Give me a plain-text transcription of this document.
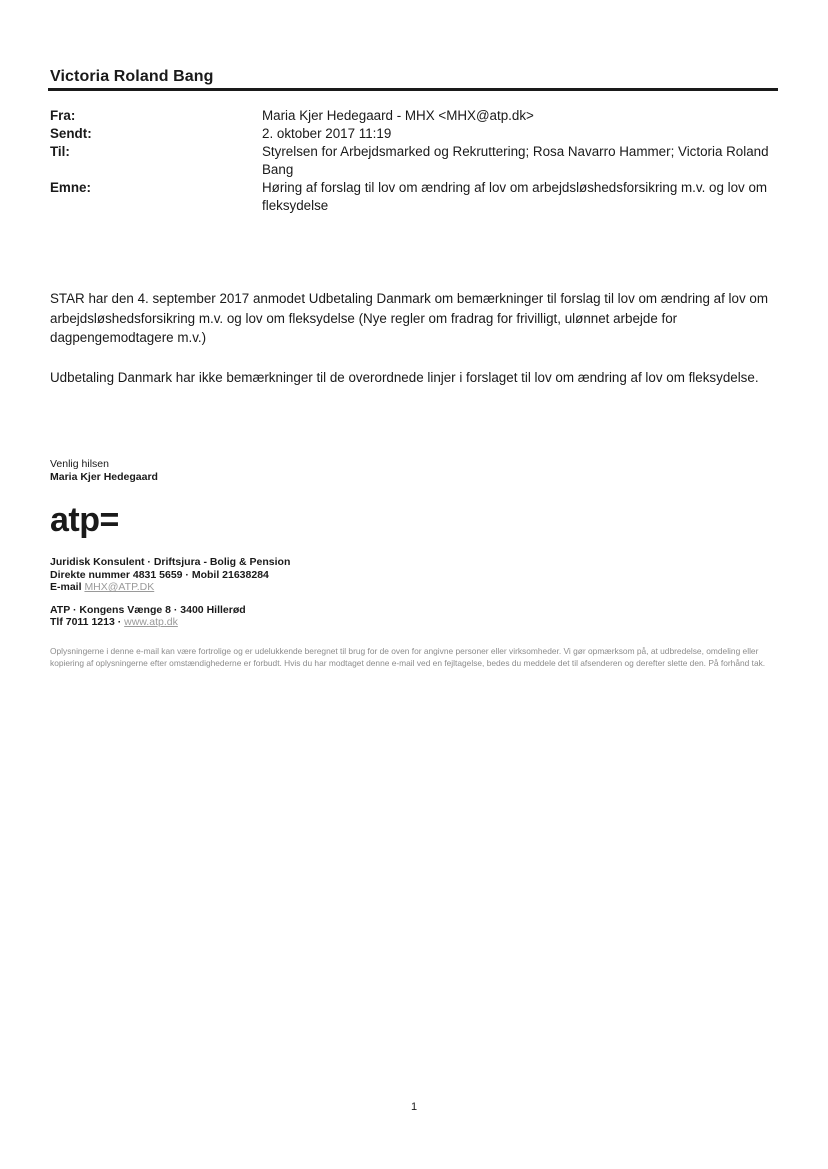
Victoria Roland Bang
Fra:	Maria Kjer Hedegaard - MHX <MHX@atp.dk>
Sendt:	2. oktober 2017 11:19
Til:	Styrelsen for Arbejdsmarked og Rekruttering; Rosa Navarro Hammer; Victoria Roland Bang
Emne:	Høring af forslag til lov om ændring af lov om arbejdsløshedsforsikring m.v. og lov om fleksydelse

STAR har den 4. september 2017 anmodet Udbetaling Danmark om bemærkninger til forslag til lov om ændring af lov om arbejdsløshedsforsikring m.v. og lov om fleksydelse (Nye regler om fradrag for frivilligt, ulønnet arbejde for dagpengemodtagere m.v.)

Udbetaling Danmark har ikke bemærkninger til de overordnede linjer i forslaget til lov om ændring af lov om fleksydelse.

Venlig hilsen
Maria Kjer Hedegaard
atp=
Juridisk Konsulent · Driftsjura - Bolig & Pension
Direkte nummer 4831 5659 · Mobil 21638284
E-mail MHX@ATP.DK
ATP · Kongens Vænge 8 · 3400 Hillerød
Tlf 7011 1213 · www.atp.dk
Oplysningerne i denne e-mail kan være fortrolige og er udelukkende beregnet til brug for de oven for angivne personer eller virksomheder. Vi gør opmærksom på, at udbredelse, omdeling eller kopiering af oplysningerne efter omstændighederne er forbudt. Hvis du har modtaget denne e-mail ved en fejltagelse, bedes du meddele det til afsenderen og derefter slette den. På forhånd tak.
1
